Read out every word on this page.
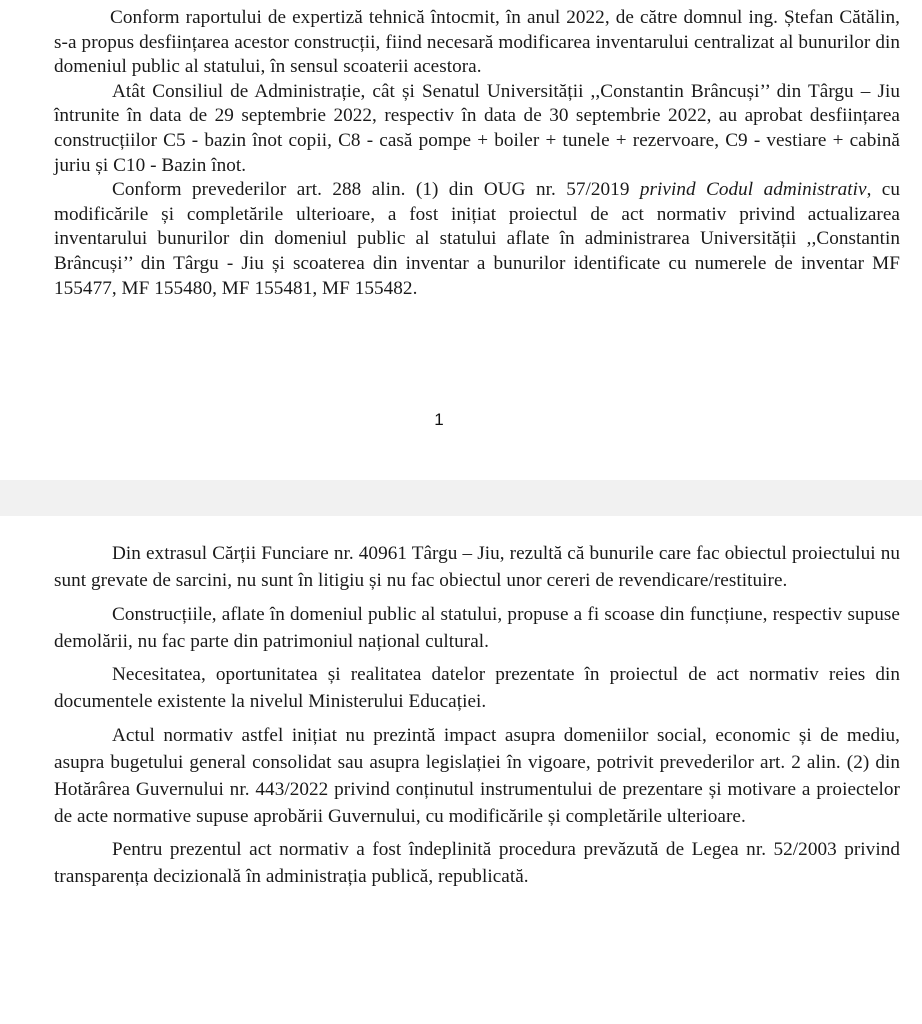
Conform raportului de expertiză tehnică întocmit, în anul 2022, de către domnul ing. Ștefan Cătălin, s-a propus desființarea acestor construcții, fiind necesară modificarea inventarului centralizat al bunurilor din domeniul public al statului, în sensul scoaterii acestora.

Atât Consiliul de Administrație, cât și Senatul Universității ,,Constantin Brâncuși’’ din Târgu – Jiu întrunite în data de 29 septembrie 2022, respectiv în data de 30 septembrie 2022, au aprobat desființarea construcțiilor C5 - bazin înot copii, C8 - casă pompe + boiler + tunele + rezervoare, C9 - vestiare + cabină juriu și C10 - Bazin înot.

Conform prevederilor art. 288 alin. (1) din OUG nr. 57/2019 privind Codul administrativ, cu modificările și completările ulterioare, a fost inițiat proiectul de act normativ privind actualizarea inventarului bunurilor din domeniul public al statului aflate în administrarea Universității ,,Constantin Brâncuși’’ din Târgu - Jiu și scoaterea din inventar a bunurilor identificate cu numerele de inventar MF 155477, MF 155480, MF 155481, MF 155482.

1

Din extrasul Cărții Funciare nr. 40961 Târgu – Jiu, rezultă că bunurile care fac obiectul proiectului nu sunt grevate de sarcini, nu sunt în litigiu și nu fac obiectul unor cereri de revendicare/restituire.

Construcțiile, aflate în domeniul public al statului, propuse a fi scoase din funcțiune, respectiv supuse demolării, nu fac parte din patrimoniul național cultural.

Necesitatea, oportunitatea și realitatea datelor prezentate în proiectul de act normativ reies din documentele existente la nivelul Ministerului Educației.

Actul normativ astfel inițiat nu prezintă impact asupra domeniilor social, economic și de mediu, asupra bugetului general consolidat sau asupra legislației în vigoare, potrivit prevederilor art. 2 alin. (2) din Hotărârea Guvernului nr. 443/2022 privind conținutul instrumentului de prezentare și motivare a proiectelor de acte normative supuse aprobării Guvernului, cu modificările și completările ulterioare.

Pentru prezentul act normativ a fost îndeplinită procedura prevăzută de Legea nr. 52/2003 privind transparența decizională în administrația publică, republicată.
